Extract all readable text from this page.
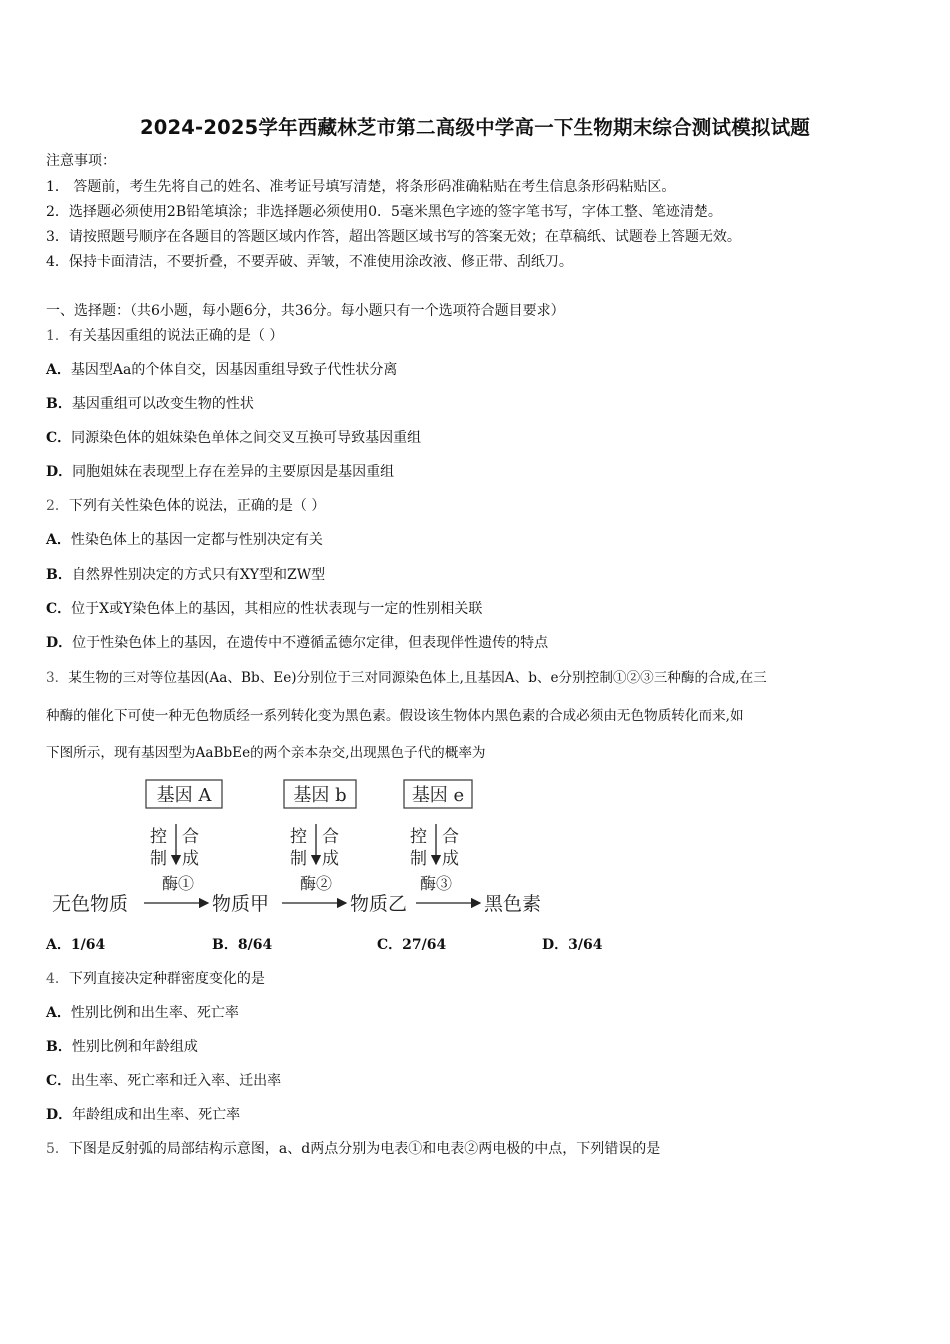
2024-2025学年西藏林芝市第二高级中学高一下生物期末综合测试模拟试题
注意事项：
1． 答题前，考生先将自己的姓名、准考证号填写清楚，将条形码准确粘贴在考生信息条形码粘贴区。
2．选择题必须使用2B铅笔填涂；非选择题必须使用0．5毫米黑色字迹的签字笔书写，字体工整、笔迹清楚。
3．请按照题号顺序在各题目的答题区域内作答，超出答题区域书写的答案无效；在草稿纸、试题卷上答题无效。
4．保持卡面清洁，不要折叠，不要弄破、弄皱，不准使用涂改液、修正带、刮纸刀。
一、选择题：（共6小题，每小题6分，共36分。每小题只有一个选项符合题目要求）
1．有关基因重组的说法正确的是（ ）
A．基因型Aa的个体自交，因基因重组导致子代性状分离
B．基因重组可以改变生物的性状
C．同源染色体的姐妹染色单体之间交叉互换可导致基因重组
D．同胞姐妹在表现型上存在差异的主要原因是基因重组
2．下列有关性染色体的说法，正确的是（ ）
A．性染色体上的基因一定都与性别决定有关
B．自然界性别决定的方式只有XY型和ZW型
C．位于X或Y染色体上的基因，其相应的性状表现与一定的性别相关联
D．位于性染色体上的基因，在遗传中不遵循孟德尔定律，但表现伴性遗传的特点
3．某生物的三对等位基因(Aa、Bb、Ee)分别位于三对同源染色体上,且基因A、b、e分别控制①②③三种酶的合成,在三
种酶的催化下可使一种无色物质经一系列转化变为黑色素。假设该生物体内黑色素的合成必须由无色物质转化而来,如
下图所示，现有基因型为AaBbEe的两个亲本杂交,出现黑色子代的概率为
基因 A	基因 b	基因 e
控
制
合
成
控
制
合
成
控
制
合
成
酶①	酶②	酶③
无色物质	物质甲	物质乙	黑色素
A．1/64	B．8/64	C．27/64	D．3/64
4．下列直接决定种群密度变化的是
A．性别比例和出生率、死亡率
B．性别比例和年龄组成
C．出生率、死亡率和迁入率、迁出率
D．年龄组成和出生率、死亡率
5．下图是反射弧的局部结构示意图，a、d两点分别为电表①和电表②两电极的中点，下列错误的是
